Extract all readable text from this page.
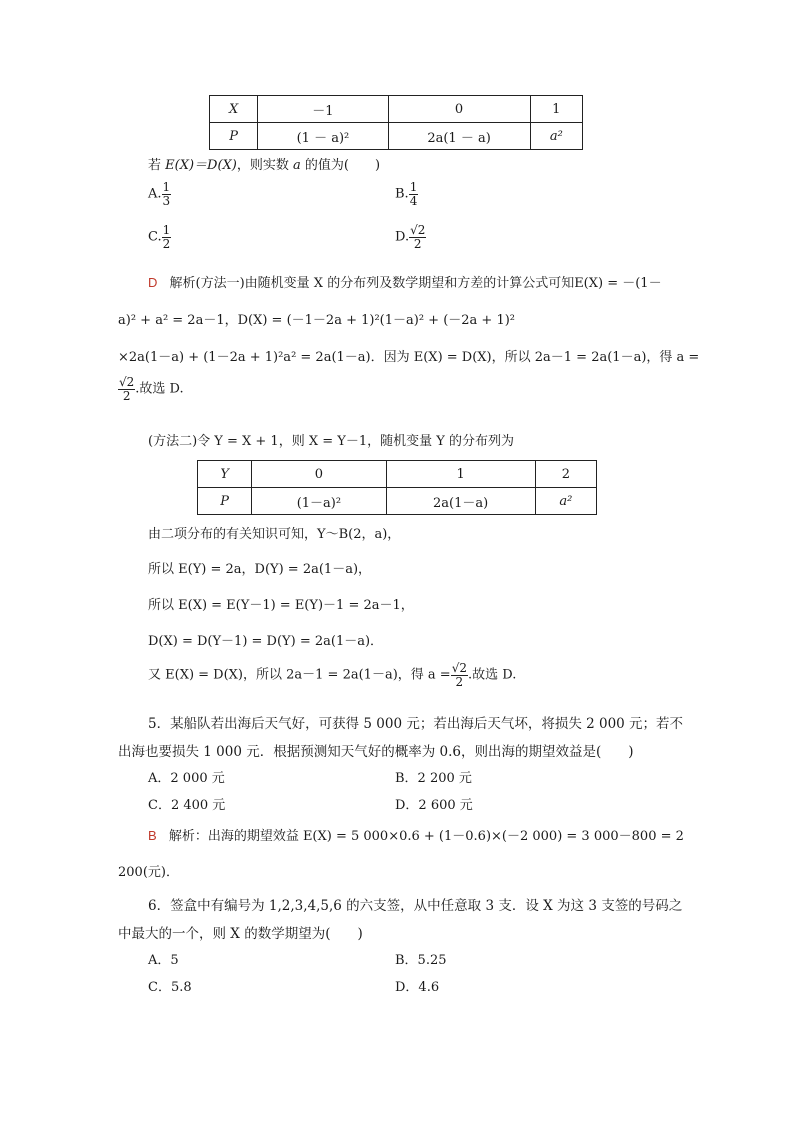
X	－1	0	1
P	(1 － a)²	2a(1 － a)	a²
若 E(X)＝D(X)，则实数 a 的值为(　　)
A. $\frac{1}{3}$	B. $\frac{1}{4}$
C. $\frac{1}{2}$	D. $\frac{√2}{2}$
D 解析(方法一)由随机变量 X 的分布列及数学期望和方差的计算公式可知E(X) = －(1－
a)² + a² = 2a－1，D(X) = (－1－2a + 1)²(1－a)² + (－2a + 1)²
×2a(1－a) + (1－2a + 1)²a² = 2a(1－a)．因为 E(X) = D(X)，所以 2a－1 = 2a(1－a)，得 a =
$\frac{√2}{2}$ .故选 D.
(方法二)令 Y = X + 1，则 X = Y－1，随机变量 Y 的分布列为
Y	0	1	2
P	(1－a)²	2a(1－a)	a²
由二项分布的有关知识可知，Y～B(2，a)，
所以 E(Y) = 2a，D(Y) = 2a(1－a)，
所以 E(X) = E(Y－1) = E(Y)－1 = 2a－1，
D(X) = D(Y－1) = D(Y) = 2a(1－a)．
又 E(X) = D(X)，所以 2a－1 = 2a(1－a)，得 $a = \frac{√2}{2}$ .故选 D.
5．某船队若出海后天气好，可获得 5 000 元；若出海后天气坏，将损失 2 000 元；若不
出海也要损失 1 000 元．根据预测知天气好的概率为 0.6，则出海的期望效益是(　　)
A．2 000 元	B．2 200 元
C．2 400 元	D．2 600 元
B 解析：出海的期望效益 E(X) = 5 000×0.6 + (1－0.6)×(－2 000) = 3 000－800 = 2
200(元)．
6．签盒中有编号为 1,2,3,4,5,6 的六支签，从中任意取 3 支．设 X 为这 3 支签的号码之
中最大的一个，则 X 的数学期望为(　　)
A．5	B．5.25
C．5.8	D．4.6
